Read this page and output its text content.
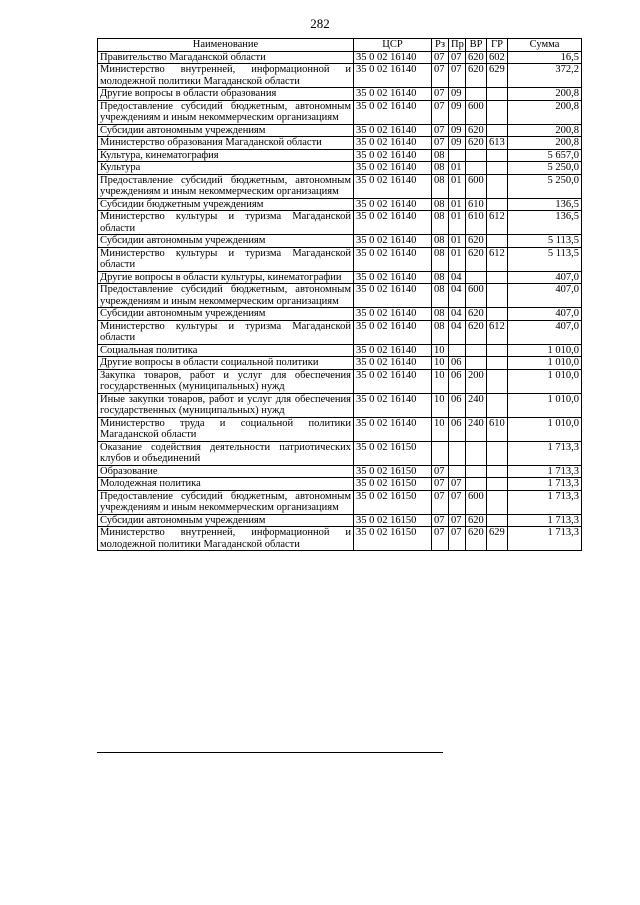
282
Наименование	ЦСР	Рз	Пр	ВР	ГР	Сумма
Правительство Магаданской области	35 0 02 16140	07	07	620	602	16,5
Министерство внутренней, информационной и молодежной политики Магаданской области	35 0 02 16140	07	07	620	629	372,2
Другие вопросы в области образования	35 0 02 16140	07	09			200,8
Предоставление субсидий бюджетным, автономным учреждениям и иным некоммерческим организациям	35 0 02 16140	07	09	600		200,8
Субсидии автономным учреждениям	35 0 02 16140	07	09	620		200,8
Министерство образования Магаданской области	35 0 02 16140	07	09	620	613	200,8
Культура, кинематография	35 0 02 16140	08				5 657,0
Культура	35 0 02 16140	08	01			5 250,0
Предоставление субсидий бюджетным, автономным учреждениям и иным некоммерческим организациям	35 0 02 16140	08	01	600		5 250,0
Субсидии бюджетным учреждениям	35 0 02 16140	08	01	610		136,5
Министерство культуры и туризма Магаданской области	35 0 02 16140	08	01	610	612	136,5
Субсидии автономным учреждениям	35 0 02 16140	08	01	620		5 113,5
Министерство культуры и туризма Магаданской области	35 0 02 16140	08	01	620	612	5 113,5
Другие вопросы в области культуры, кинематографии	35 0 02 16140	08	04			407,0
Предоставление субсидий бюджетным, автономным учреждениям и иным некоммерческим организациям	35 0 02 16140	08	04	600		407,0
Субсидии автономным учреждениям	35 0 02 16140	08	04	620		407,0
Министерство культуры и туризма Магаданской области	35 0 02 16140	08	04	620	612	407,0
Социальная политика	35 0 02 16140	10				1 010,0
Другие вопросы в области социальной политики	35 0 02 16140	10	06			1 010,0
Закупка товаров, работ и услуг для обеспечения государственных (муниципальных) нужд	35 0 02 16140	10	06	200		1 010,0
Иные закупки товаров, работ и услуг для обеспечения государственных (муниципальных) нужд	35 0 02 16140	10	06	240		1 010,0
Министерство труда и социальной политики Магаданской области	35 0 02 16140	10	06	240	610	1 010,0
Оказание содействия деятельности патриотических клубов и объединений	35 0 02 16150					1 713,3
Образование	35 0 02 16150	07				1 713,3
Молодежная политика	35 0 02 16150	07	07			1 713,3
Предоставление субсидий бюджетным, автономным учреждениям и иным некоммерческим организациям	35 0 02 16150	07	07	600		1 713,3
Субсидии автономным учреждениям	35 0 02 16150	07	07	620		1 713,3
Министерство внутренней, информационной и молодежной политики Магаданской области	35 0 02 16150	07	07	620	629	1 713,3
